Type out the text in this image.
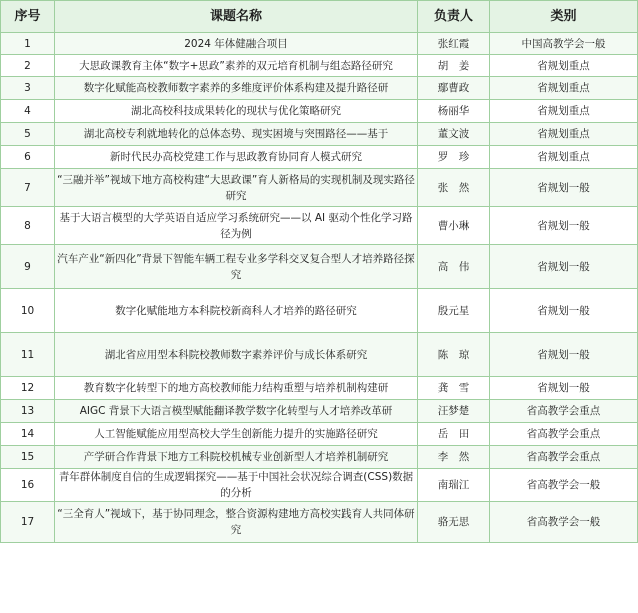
序号	课题名称	负责人	类别
1	2024 年体健融合项目	张红霞	中国高教学会一般
2	大思政课教育主体“数字+思政”素养的双元培育机制与组态路径研究	胡　姜	省规划重点
3	数字化赋能高校教师数字素养的多维度评价体系构建及提升路径研	鄢曹政	省规划重点
4	湖北高校科技成果转化的现状与优化策略研究	杨丽华	省规划重点
5	湖北高校专利就地转化的总体态势、现实困境与突围路径——基于	董文波	省规划重点
6	新时代民办高校党建工作与思政教育协同育人模式研究	罗　珍	省规划重点
7	“三融并举”视域下地方高校构建“大思政课”育人新格局的实现机制及现实路径研究	张　然	省规划一般
8	基于大语言模型的大学英语自适应学习系统研究——以 AI 驱动个性化学习路径为例	曹小琳	省规划一般
9	汽车产业“新四化”背景下智能车辆工程专业多学科交叉复合型人才培养路径探究	高　伟	省规划一般
10	数字化赋能地方本科院校新商科人才培养的路径研究	殷元星	省规划一般
11	湖北省应用型本科院校教师数字素养评价与成长体系研究	陈　琼	省规划一般
12	教育数字化转型下的地方高校教师能力结构重塑与培养机制构建研	龚　雪	省规划一般
13	AIGC 背景下大语言模型赋能翻译教学数字化转型与人才培养改革研	汪梦楚	省高教学会重点
14	人工智能赋能应用型高校大学生创新能力提升的实施路径研究	岳　田	省高教学会重点
15	产学研合作背景下地方工科院校机械专业创新型人才培养机制研究	李　然	省高教学会重点
16	青年群体制度自信的生成逻辑探究——基于中国社会状况综合调查(CSS)数据的分析	南瑞江	省高教学会一般
17	“三全育人”视域下，基于协同理念，整合资源构建地方高校实践育人共同体研究	骆无思	省高教学会一般
